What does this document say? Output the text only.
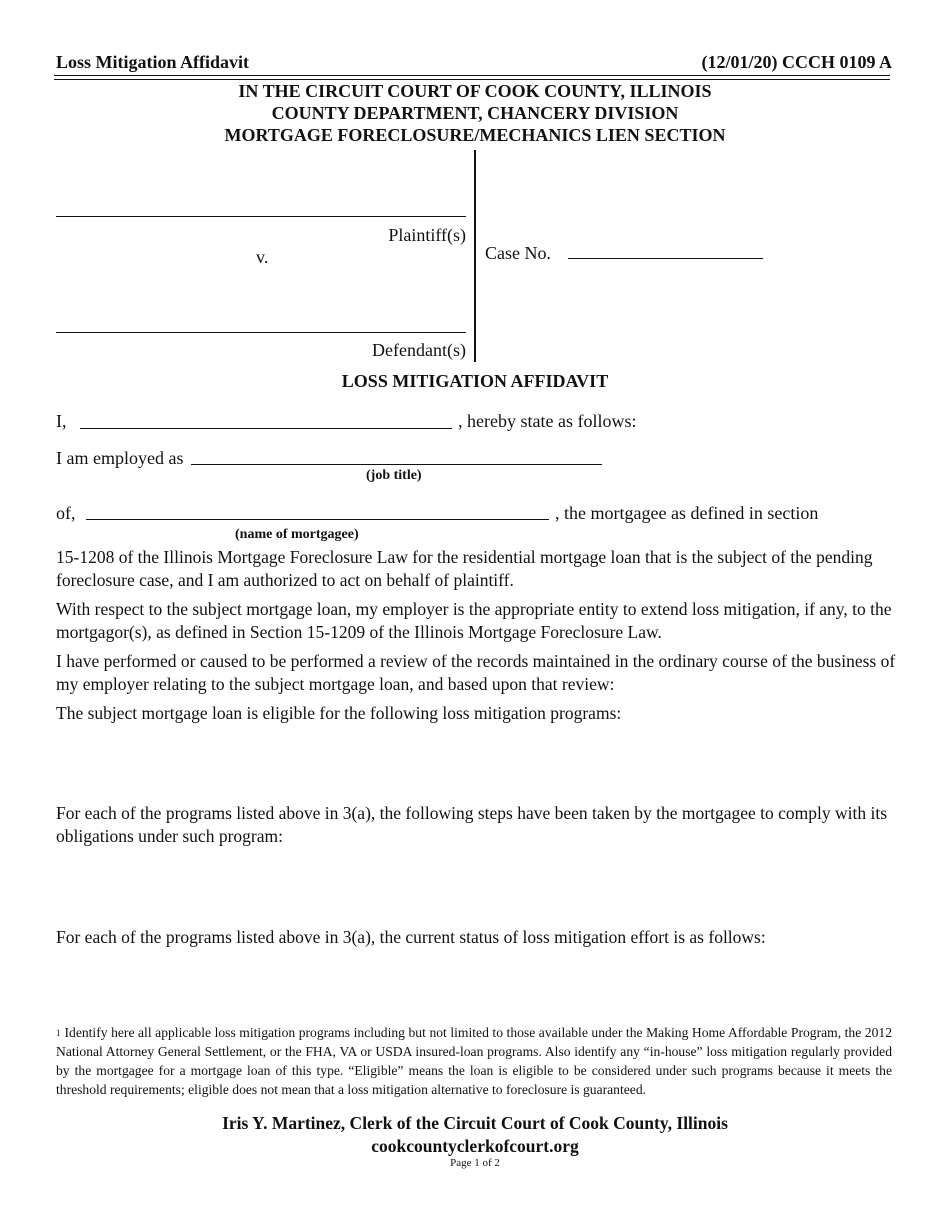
Loss Mitigation Affidavit	(12/01/20) CCCH 0109 A
IN THE CIRCUIT COURT OF COOK COUNTY, ILLINOIS
COUNTY DEPARTMENT, CHANCERY DIVISION
MORTGAGE FORECLOSURE/MECHANICS LIEN SECTION
Plaintiff(s)
v.
Defendant(s)
Case No.
LOSS MITIGATION AFFIDAVIT
I,	, hereby state as follows:
I am employed as
(job title)
of,	, the mortgagee as defined in section
(name of mortgagee)
15-1208 of the Illinois Mortgage Foreclosure Law for the residential mortgage loan that is the subject of the pending foreclosure case, and I am authorized to act on behalf of plaintiff.
With respect to the subject mortgage loan, my employer is the appropriate entity to extend loss mitigation, if any, to the mortgagor(s), as defined in Section 15-1209 of the Illinois Mortgage Foreclosure Law.
I have performed or caused to be performed a review of the records maintained in the ordinary course of the business of my employer relating to the subject mortgage loan, and based upon that review:
The subject mortgage loan is eligible for the following loss mitigation programs:
For each of the programs listed above in 3(a), the following steps have been taken by the mortgagee to comply with its obligations under such program:
For each of the programs listed above in 3(a), the current status of loss mitigation effort is as follows:
$^1$ Identify here all applicable loss mitigation programs including but not limited to those available under the Making Home Affordable Program, the 2012 National Attorney General Settlement, or the FHA, VA or USDA insured-loan programs. Also identify any “in-house” loss mitigation regularly provided by the mortgagee for a mortgage loan of this type. “Eligible” means the loan is eligible to be considered under such programs because it meets the threshold requirements; eligible does not mean that a loss mitigation alternative to foreclosure is guaranteed.
Iris Y. Martinez, Clerk of the Circuit Court of Cook County, Illinois
cookcountyclerkofcourt.org
Page 1 of 2
